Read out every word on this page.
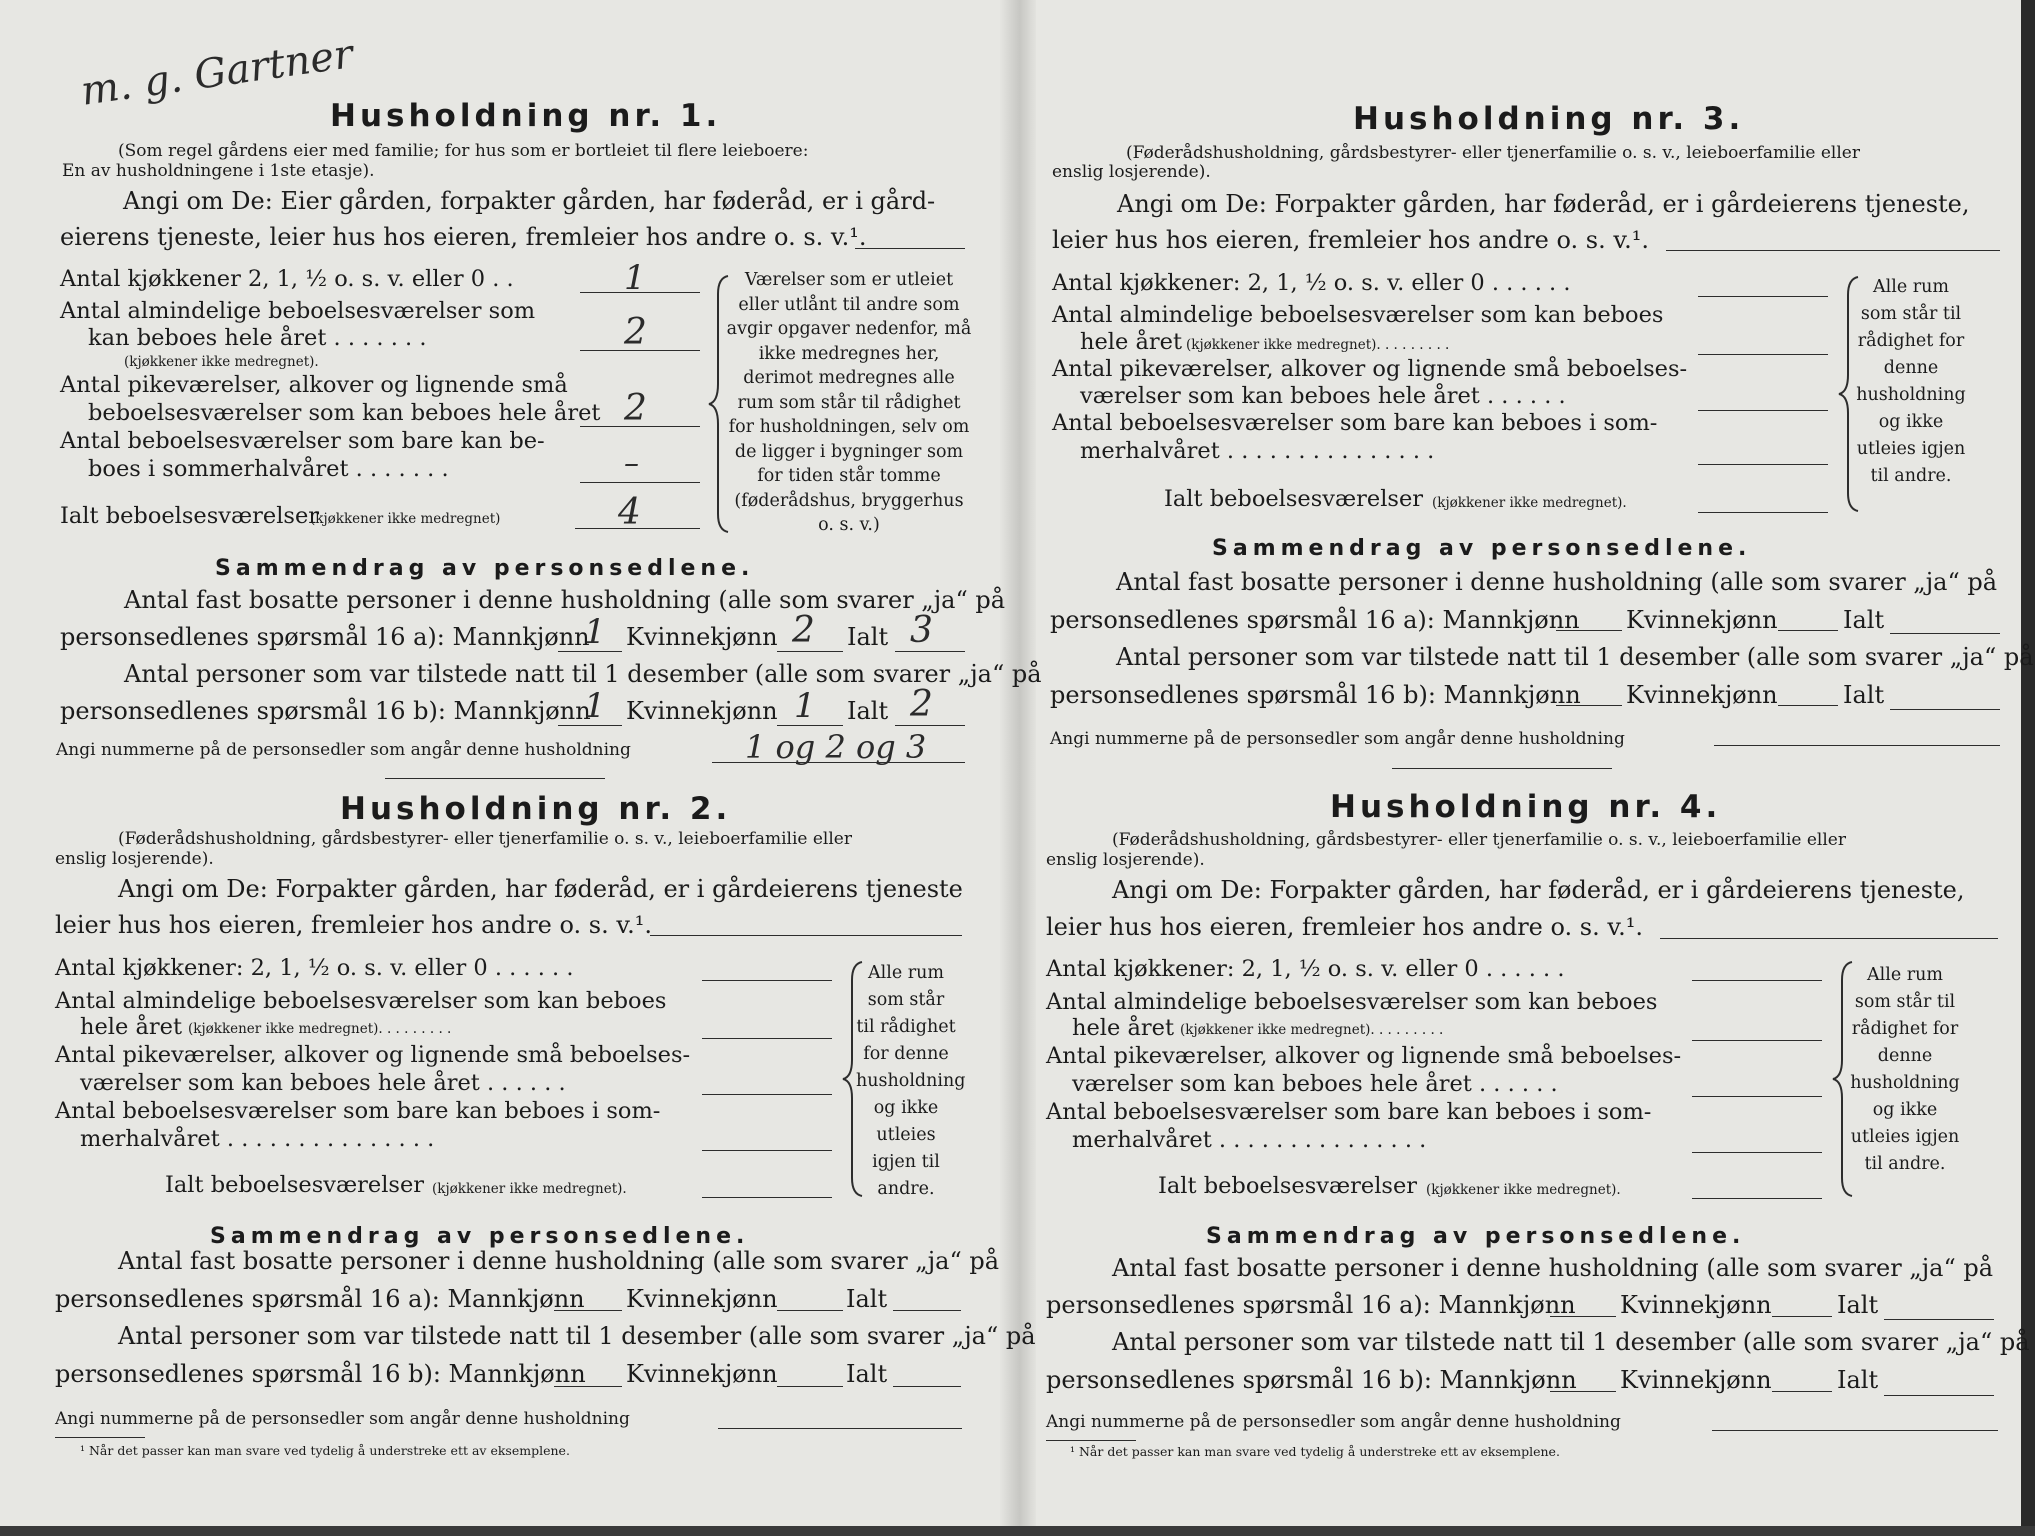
m. g. Gartner
Husholdning nr. 1.
(Som regel gårdens eier med familie; for hus som er bortleiet til flere leieboere:
En av husholdningene i 1ste etasje).
Angi om De: Eier gården, forpakter gården, har føderåd, er i gård-
eierens tjeneste, leier hus hos eieren, fremleier hos andre o. s. v.¹.
Antal kjøkkener 2, 1, ½ o. s. v. eller 0 . .	1
Antal almindelige beboelsesværelser som
kan beboes hele året . . . . . . .
(kjøkkener ikke medregnet).
2
Antal pikeværelser, alkover og lignende små
beboelsesværelser som kan beboes hele året 2
Antal beboelsesværelser som bare kan be-
boes i sommerhalvåret . . . . . . .	–
Ialt beboelsesværelser
(kjøkkener ikke medregnet)	4
Værelser som er utleiet eller utlånt til andre som avgir opgaver nedenfor, må ikke medregnes her, derimot medregnes alle rum som står til rådighet for husholdningen, selv om de ligger i bygninger som for tiden står tomme (føderådshus, bryggerhus o. s. v.)
Sammendrag av personsedlene.
Antal fast bosatte personer i denne husholdning (alle som svarer „ja“ på
personsedlenes spørsmål 16 a): Mannkjønn
1 Kvinnekjønn 2 Ialt 3
Antal personer som var tilstede natt til 1 desember (alle som svarer „ja“ på
personsedlenes spørsmål 16 b): Mannkjønn
1 Kvinnekjønn 1 Ialt 2
Angi nummerne på de personsedler som angår denne husholdning	1 og 2 og 3
Husholdning nr. 2.
(Føderådshusholdning, gårdsbestyrer- eller tjenerfamilie o. s. v., leieboerfamilie eller
enslig losjerende).
Angi om De: Forpakter gården, har føderåd, er i gårdeierens tjeneste
leier hus hos eieren, fremleier hos andre o. s. v.¹.
Antal kjøkkener: 2, 1, ½ o. s. v. eller 0 . . . . . .
Antal almindelige beboelsesværelser som kan beboes
hele året (kjøkkener ikke medregnet). . . . . . . . .
Antal pikeværelser, alkover og lignende små beboelses-
værelser som kan beboes hele året . . . . . .
Antal beboelsesværelser som bare kan beboes i som-
merhalvåret . . . . . . . . . . . . . . .
Ialt beboelsesværelser (kjøkkener ikke medregnet).
Alle rum som står til rådighet for denne husholdning og ikke utleies igjen til andre.
Sammendrag av personsedlene.
Antal fast bosatte personer i denne husholdning (alle som svarer „ja“ på
personsedlenes spørsmål 16 a): Mannkjønn Kvinnekjønn	Ialt
Antal personer som var tilstede natt til 1 desember (alle som svarer „ja“ på
personsedlenes spørsmål 16 b): Mannkjønn Kvinnekjønn	Ialt
Angi nummerne på de personsedler som angår denne husholdning
¹ Når det passer kan man svare ved tydelig å understreke ett av eksemplene.
Husholdning nr. 3.
(Føderådshusholdning, gårdsbestyrer- eller tjenerfamilie o. s. v., leieboerfamilie eller
enslig losjerende).
Angi om De: Forpakter gården, har føderåd, er i gårdeierens tjeneste,
leier hus hos eieren, fremleier hos andre o. s. v.¹.
Antal kjøkkener: 2, 1, ½ o. s. v. eller 0 . . . . . .
Antal almindelige beboelsesværelser som kan beboes
hele året (kjøkkener ikke medregnet). . . . . . . . .
Antal pikeværelser, alkover og lignende små beboelses-
værelser som kan beboes hele året . . . . . .
Antal beboelsesværelser som bare kan beboes i som-
merhalvåret . . . . . . . . . . . . . . .
Ialt beboelsesværelser (kjøkkener ikke medregnet).
Alle rum som står til rådighet for denne husholdning og ikke utleies igjen til andre.
Sammendrag av personsedlene.
Antal fast bosatte personer i denne husholdning (alle som svarer „ja“ på
personsedlenes spørsmål 16 a): Mannkjønn Kvinnekjønn	Ialt
Antal personer som var tilstede natt til 1 desember (alle som svarer „ja“ på
personsedlenes spørsmål 16 b): Mannkjønn Kvinnekjønn	Ialt
Angi nummerne på de personsedler som angår denne husholdning
Husholdning nr. 4.
(Føderådshusholdning, gårdsbestyrer- eller tjenerfamilie o. s. v., leieboerfamilie eller
enslig losjerende).
Angi om De: Forpakter gården, har føderåd, er i gårdeierens tjeneste,
leier hus hos eieren, fremleier hos andre o. s. v.¹.
Antal kjøkkener: 2, 1, ½ o. s. v. eller 0 . . . . . .
Antal almindelige beboelsesværelser som kan beboes
hele året (kjøkkener ikke medregnet). . . . . . . . .
Antal pikeværelser, alkover og lignende små beboelses-
værelser som kan beboes hele året . . . . . .
Antal beboelsesværelser som bare kan beboes i som-
merhalvåret . . . . . . . . . . . . . . .
Ialt beboelsesværelser (kjøkkener ikke medregnet).
Alle rum som står til rådighet for denne husholdning og ikke utleies igjen til andre.
Sammendrag av personsedlene.
Antal fast bosatte personer i denne husholdning (alle som svarer „ja“ på
personsedlenes spørsmål 16 a): Mannkjønn Kvinnekjønn	Ialt
Antal personer som var tilstede natt til 1 desember (alle som svarer „ja“ på
personsedlenes spørsmål 16 b): Mannkjønn Kvinnekjønn	Ialt
Angi nummerne på de personsedler som angår denne husholdning
¹ Når det passer kan man svare ved tydelig å understreke ett av eksemplene.
